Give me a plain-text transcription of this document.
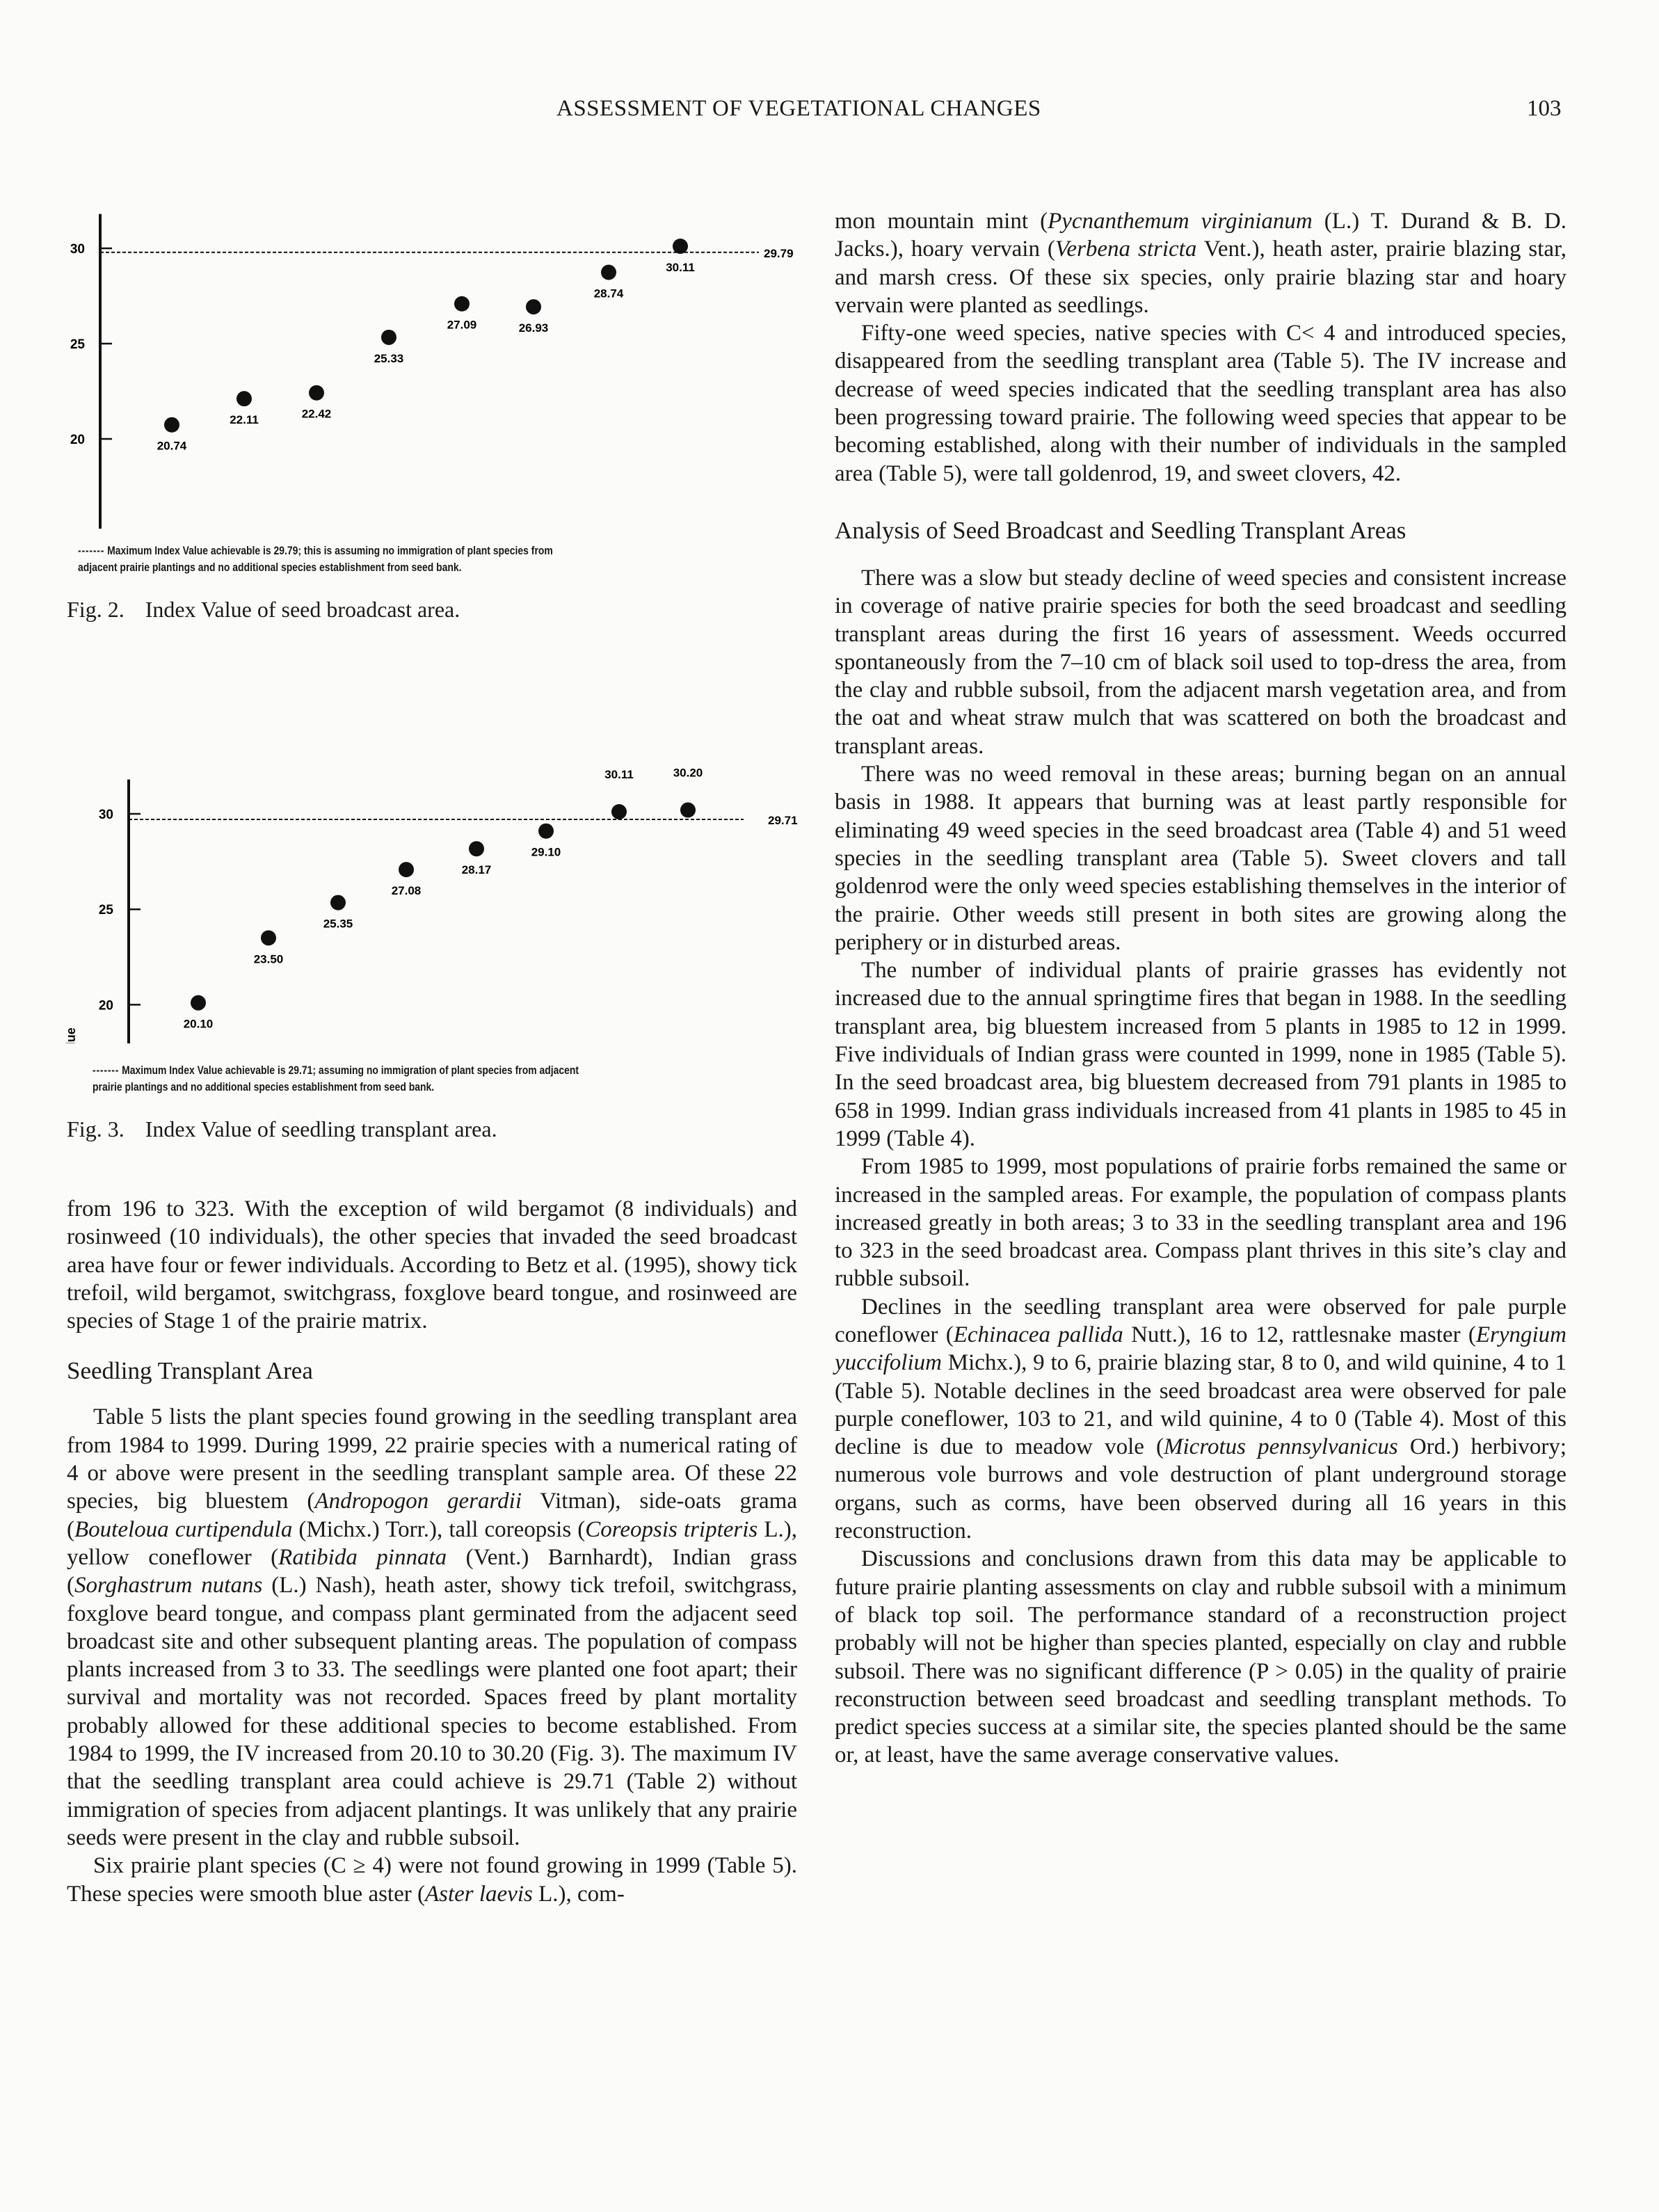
ASSESSMENT OF VEGETATIONAL CHANGES	103
20
25
30	29.79
20.74
22.11	22.42
25.33
27.09	26.93
28.74
30.11
------- Maximum Index Value achievable is 29.79; this is assuming no immigration of plant species from adjacent prairie plantings and no additional species establishment from seed bank.
Fig. 2. Index Value of seed broadcast area.
20
25
30	29.71
20.10
23.50
25.35
27.08
28.17
29.10
30.11	30.20
------- Maximum Index Value achievable is 29.71; assuming no immigration of plant species from adjacent prairie plantings and no additional species establishment from seed bank.
Fig. 3. Index Value of seedling transplant area.

from 196 to 323. With the exception of wild bergamot (8 individuals) and rosinweed (10 individuals), the other species that invaded the seed broadcast area have four or fewer individuals. According to Betz et al. (1995), showy tick trefoil, wild bergamot, switchgrass, foxglove beard tongue, and rosinweed are species of Stage 1 of the prairie matrix.

Seedling Transplant Area

Table 5 lists the plant species found growing in the seedling transplant area from 1984 to 1999. During 1999, 22 prairie species with a numerical rating of 4 or above were present in the seedling transplant sample area. Of these 22 species, big bluestem (Andropogon gerardii Vitman), side-oats grama (Bouteloua curtipendula (Michx.) Torr.), tall coreopsis (Coreopsis tripteris L.), yellow coneflower (Ratibida pinnata (Vent.) Barnhardt), Indian grass (Sorghastrum nutans (L.) Nash), heath aster, showy tick trefoil, switchgrass, foxglove beard tongue, and compass plant germinated from the adjacent seed broadcast site and other subsequent planting areas. The population of compass plants increased from 3 to 33. The seedlings were planted one foot apart; their survival and mortality was not recorded. Spaces freed by plant mortality probably allowed for these additional species to become established. From 1984 to 1999, the IV increased from 20.10 to 30.20 (Fig. 3). The maximum IV that the seedling transplant area could achieve is 29.71 (Table 2) without immigration of species from adjacent plantings. It was unlikely that any prairie seeds were present in the clay and rubble subsoil.

Six prairie plant species (C ≥ 4) were not found growing in 1999 (Table 5). These species were smooth blue aster (Aster laevis L.), com-

mon mountain mint (Pycnanthemum virginianum (L.) T. Durand & B. D. Jacks.), hoary vervain (Verbena stricta Vent.), heath aster, prairie blazing star, and marsh cress. Of these six species, only prairie blazing star and hoary vervain were planted as seedlings.

Fifty-one weed species, native species with C< 4 and introduced species, disappeared from the seedling transplant area (Table 5). The IV increase and decrease of weed species indicated that the seedling transplant area has also been progressing toward prairie. The following weed species that appear to be becoming established, along with their number of individuals in the sampled area (Table 5), were tall goldenrod, 19, and sweet clovers, 42.

Analysis of Seed Broadcast and Seedling Transplant Areas

There was a slow but steady decline of weed species and consistent increase in coverage of native prairie species for both the seed broadcast and seedling transplant areas during the first 16 years of assessment. Weeds occurred spontaneously from the 7–10 cm of black soil used to top-dress the area, from the clay and rubble subsoil, from the adjacent marsh vegetation area, and from the oat and wheat straw mulch that was scattered on both the broadcast and transplant areas.

There was no weed removal in these areas; burning began on an annual basis in 1988. It appears that burning was at least partly responsible for eliminating 49 weed species in the seed broadcast area (Table 4) and 51 weed species in the seedling transplant area (Table 5). Sweet clovers and tall goldenrod were the only weed species establishing themselves in the interior of the prairie. Other weeds still present in both sites are growing along the periphery or in disturbed areas.

The number of individual plants of prairie grasses has evidently not increased due to the annual springtime fires that began in 1988. In the seedling transplant area, big bluestem increased from 5 plants in 1985 to 12 in 1999. Five individuals of Indian grass were counted in 1999, none in 1985 (Table 5). In the seed broadcast area, big bluestem decreased from 791 plants in 1985 to 658 in 1999. Indian grass individuals increased from 41 plants in 1985 to 45 in 1999 (Table 4).

From 1985 to 1999, most populations of prairie forbs remained the same or increased in the sampled areas. For example, the population of compass plants increased greatly in both areas; 3 to 33 in the seedling transplant area and 196 to 323 in the seed broadcast area. Compass plant thrives in this site’s clay and rubble subsoil.

Declines in the seedling transplant area were observed for pale purple coneflower (Echinacea pallida Nutt.), 16 to 12, rattlesnake master (Eryngium yuccifolium Michx.), 9 to 6, prairie blazing star, 8 to 0, and wild quinine, 4 to 1 (Table 5). Notable declines in the seed broadcast area were observed for pale purple coneflower, 103 to 21, and wild quinine, 4 to 0 (Table 4). Most of this decline is due to meadow vole (Microtus pennsylvanicus Ord.) herbivory; numerous vole burrows and vole destruction of plant underground storage organs, such as corms, have been observed during all 16 years in this reconstruction.

Discussions and conclusions drawn from this data may be applicable to future prairie planting assessments on clay and rubble subsoil with a minimum of black top soil. The performance standard of a reconstruction project probably will not be higher than species planted, especially on clay and rubble subsoil. There was no significant difference (P > 0.05) in the quality of prairie reconstruction between seed broadcast and seedling transplant methods. To predict species success at a similar site, the species planted should be the same or, at least, have the same average conservative values.
